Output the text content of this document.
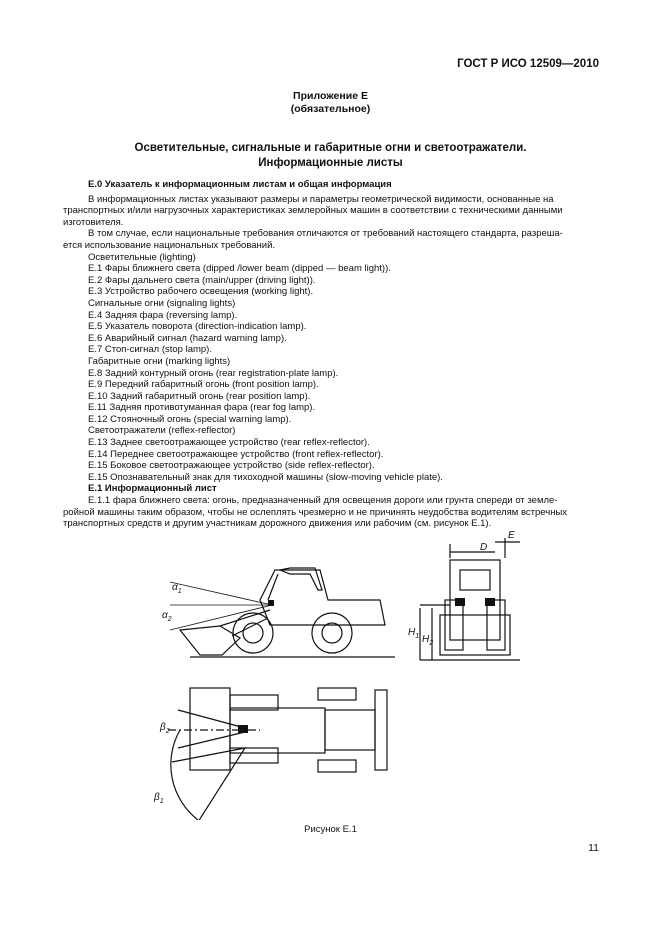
ГОСТ Р ИСО 12509—2010
Приложение Е
(обязательное)
Осветительные, сигнальные и габаритные огни и светоотражатели.
Информационные листы

Е.0 Указатель к информационным листам и общая информация

В информационных листах указывают размеры и параметры геометрической видимости, основанные на

транспортных и/или нагрузочных характеристиках землеройных машин в соответствии с техническими данными

изготовителя.

В том случае, если национальные требования отличаются от требований настоящего стандарта, разреша-

ется использование национальных требований.

Осветительные (lighting)

Е.1 Фары ближнего света (dipped /lower beam (dipped — beam light)).

Е.2 Фары дальнего света (main/upper (driving light)).

Е.3 Устройство рабочего освещения (working light).

Сигнальные огни (signaling lights)

Е.4 Задняя фара (reversing lamp).

Е.5 Указатель поворота (direction-indication lamp).

Е.6 Аварийный сигнал (hazard warning lamp).

Е.7 Стоп-сигнал (stop lamp).

Габаритные огни (marking lights)

Е.8 Задний контурный огонь (rear registration-plate lamp).

Е.9 Передний габаритный огонь (front position lamp).

Е.10 Задний габаритный огонь (rear position lamp).

Е.11 Задняя противотуманная фара (rear fog lamp).

Е.12 Стояночный огонь (special warning lamp).

Светоотражатели (reflex-reflector)

Е.13 Заднее светоотражающее устройство (rear reflex-reflector).

Е.14 Переднее светоотражающее устройство (front reflex-reflector).

Е.15 Боковое светоотражающее устройство (side reflex-reflector).

Е.15 Опознавательный знак для тихоходной машины (slow-moving vehicle plate).

Е.1 Информационный лист

Е.1.1 фара ближнего света: огонь, предназначенный для освещения дороги или грунта спереди от земле-

ройной машины таким образом, чтобы не ослеплять чрезмерно и не причинять неудобства водителям встречных

транспортных средств и другим участникам дорожного движения или рабочим (см. рисунок Е.1).

$\alpha_1$
$\alpha_2$
D
E
$H_1$ $H_2$
$\beta_1$
$\beta_2$
Рисунок Е.1
11
